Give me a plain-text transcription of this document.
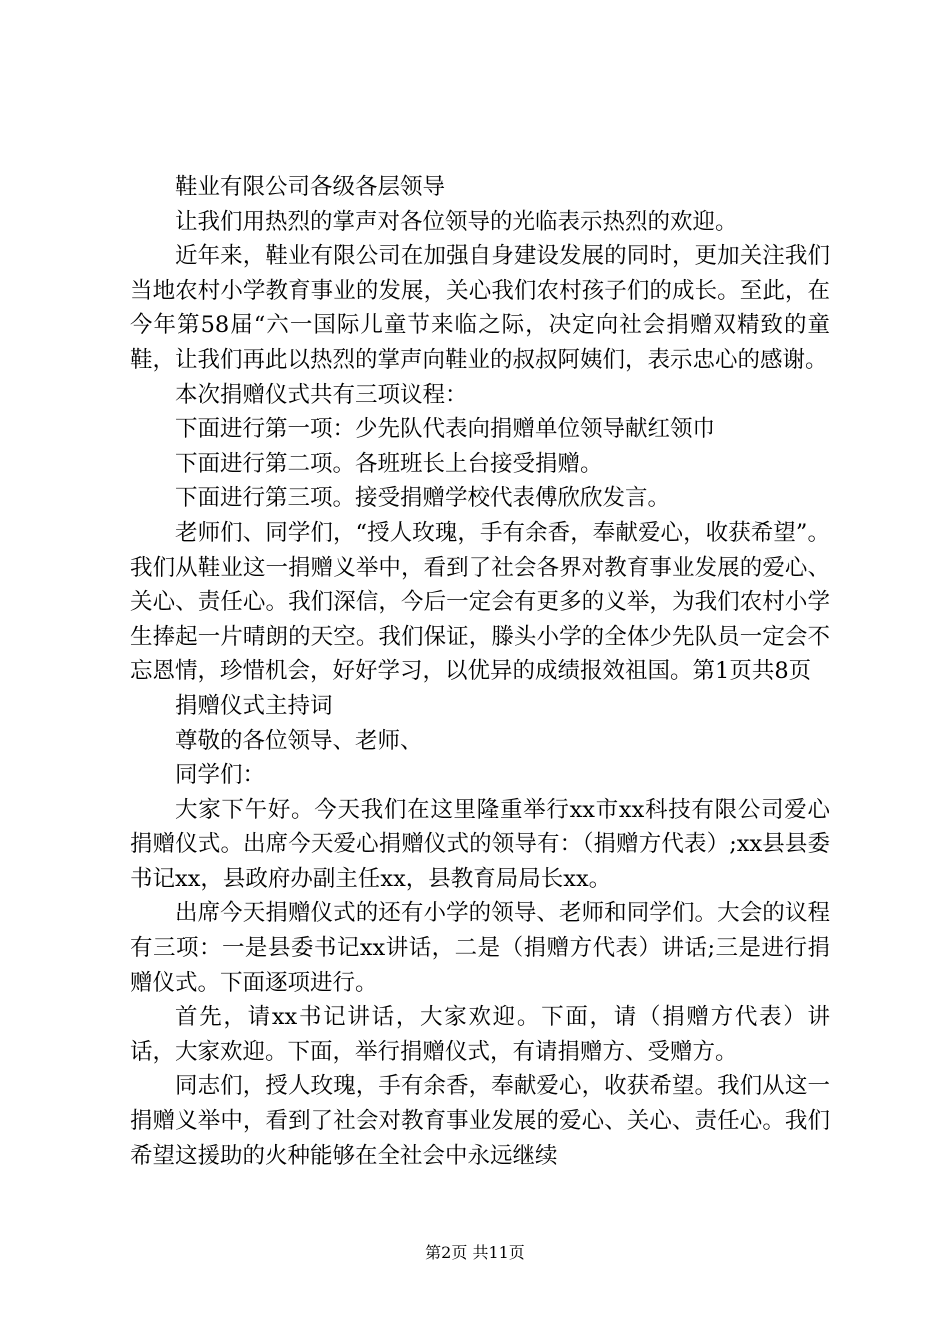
鞋业有限公司各级各层领导

让我们用热烈的掌声对各位领导的光临表示热烈的欢迎。

近年来，鞋业有限公司在加强自身建设发展的同时，更加关注我们当地农村小学教育事业的发展，关心我们农村孩子们的成长。至此，在今年第58届“六一国际儿童节来临之际，决定向社会捐赠双精致的童鞋，让我们再此以热烈的掌声向鞋业的叔叔阿姨们，表示忠心的感谢。

本次捐赠仪式共有三项议程：

下面进行第一项：少先队代表向捐赠单位领导献红领巾

下面进行第二项。各班班长上台接受捐赠。

下面进行第三项。接受捐赠学校代表傅欣欣发言。

老师们、同学们，“授人玫瑰，手有余香，奉献爱心，收获希望”。我们从鞋业这一捐赠义举中，看到了社会各界对教育事业发展的爱心、关心、责任心。我们深信，今后一定会有更多的义举，为我们农村小学生捧起一片晴朗的天空。我们保证，滕头小学的全体少先队员一定会不忘恩情，珍惜机会，好好学习，以优异的成绩报效祖国。第1页共8页

捐赠仪式主持词

尊敬的各位领导、老师、

同学们：

大家下午好。今天我们在这里隆重举行xx市xx科技有限公司爱心捐赠仪式。出席今天爱心捐赠仪式的领导有：（捐赠方代表）;xx县县委书记xx，县政府办副主任xx，县教育局局长xx。

出席今天捐赠仪式的还有小学的领导、老师和同学们。大会的议程有三项：一是县委书记xx讲话，二是（捐赠方代表）讲话;三是进行捐赠仪式。下面逐项进行。

首先，请xx书记讲话，大家欢迎。下面，请（捐赠方代表）讲话，大家欢迎。下面，举行捐赠仪式，有请捐赠方、受赠方。

同志们，授人玫瑰，手有余香，奉献爱心，收获希望。我们从这一捐赠义举中，看到了社会对教育事业发展的爱心、关心、责任心。我们希望这援助的火种能够在全社会中永远继续

第2页 共11页
